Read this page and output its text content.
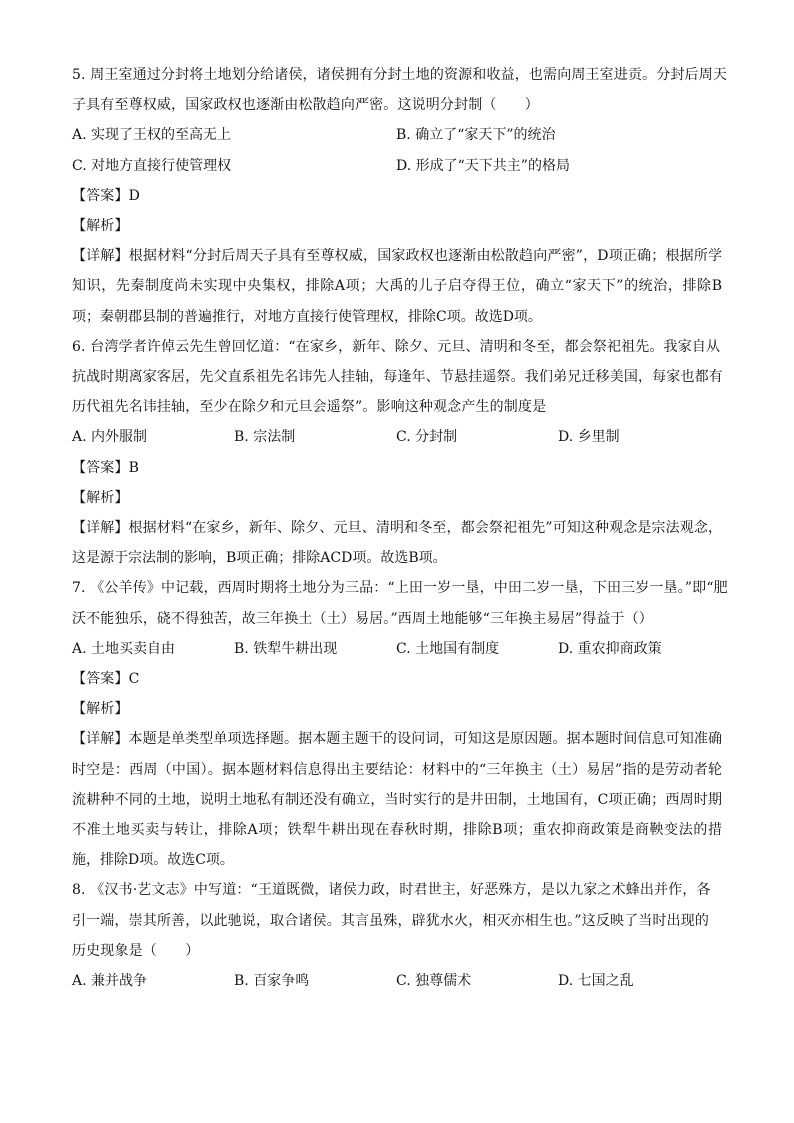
5. 周王室通过分封将土地划分给诸侯，诸侯拥有分封土地的资源和收益，也需向周王室进贡。分封后周天
子具有至尊权威，国家政权也逐渐由松散趋向严密。这说明分封制（　　）
A. 实现了王权的至高无上	B. 确立了“家天下”的统治
C. 对地方直接行使管理权	D. 形成了“天下共主”的格局
【答案】D
【解析】
【详解】根据材料“分封后周天子具有至尊权威，国家政权也逐渐由松散趋向严密”，D项正确；根据所学知识，先秦制度尚未实现中央集权，排除A项；大禹的儿子启夺得王位，确立“家天下”的统治，排除B项；秦朝郡县制的普遍推行，对地方直接行使管理权，排除C项。故选D项。
6. 台湾学者许倬云先生曾回忆道：“在家乡，新年、除夕、元旦、清明和冬至，都会祭祀祖先。我家自从
抗战时期离家客居，先父直系祖先名讳先人挂轴，每逢年、节悬挂遥祭。我们弟兄迁移美国，每家也都有
历代祖先名讳挂轴，至少在除夕和元旦会遥祭”。影响这种观念产生的制度是
A. 内外服制	B. 宗法制	C. 分封制	D. 乡里制
【答案】B
【解析】
【详解】根据材料“在家乡，新年、除夕、元旦、清明和冬至，都会祭祀祖先”可知这种观念是宗法观念，这是源于宗法制的影响，B项正确；排除ACD项。故选B项。
7. 《公羊传》中记载，西周时期将土地分为三品：“上田一岁一垦，中田二岁一垦，下田三岁一垦。”即“肥
沃不能独乐，硗不得独苦，故三年换土（土）易居。”西周土地能够“三年换主易居”得益于（）
A. 土地买卖自由	B. 铁犁牛耕出现	C. 土地国有制度	D. 重农抑商政策
【答案】C
【解析】
【详解】本题是单类型单项选择题。据本题主题干的设问词，可知这是原因题。据本题时间信息可知准确时空是：西周（中国）。据本题材料信息得出主要结论：材料中的“三年换主（土）易居”指的是劳动者轮流耕种不同的土地，说明土地私有制还没有确立，当时实行的是井田制，土地国有，C项正确；西周时期不准土地买卖与转让，排除A项；铁犁牛耕出现在春秋时期，排除B项；重农抑商政策是商鞅变法的措施，排除D项。故选C项。
8. 《汉书·艺文志》中写道：“王道既微，诸侯力政，时君世主，好恶殊方，是以九家之术蜂出并作，各
引一端，崇其所善，以此驰说，取合诸侯。其言虽殊，辟犹水火，相灭亦相生也。”这反映了当时出现的
历史现象是（　　）
A. 兼并战争	B. 百家争鸣	C. 独尊儒术	D. 七国之乱
